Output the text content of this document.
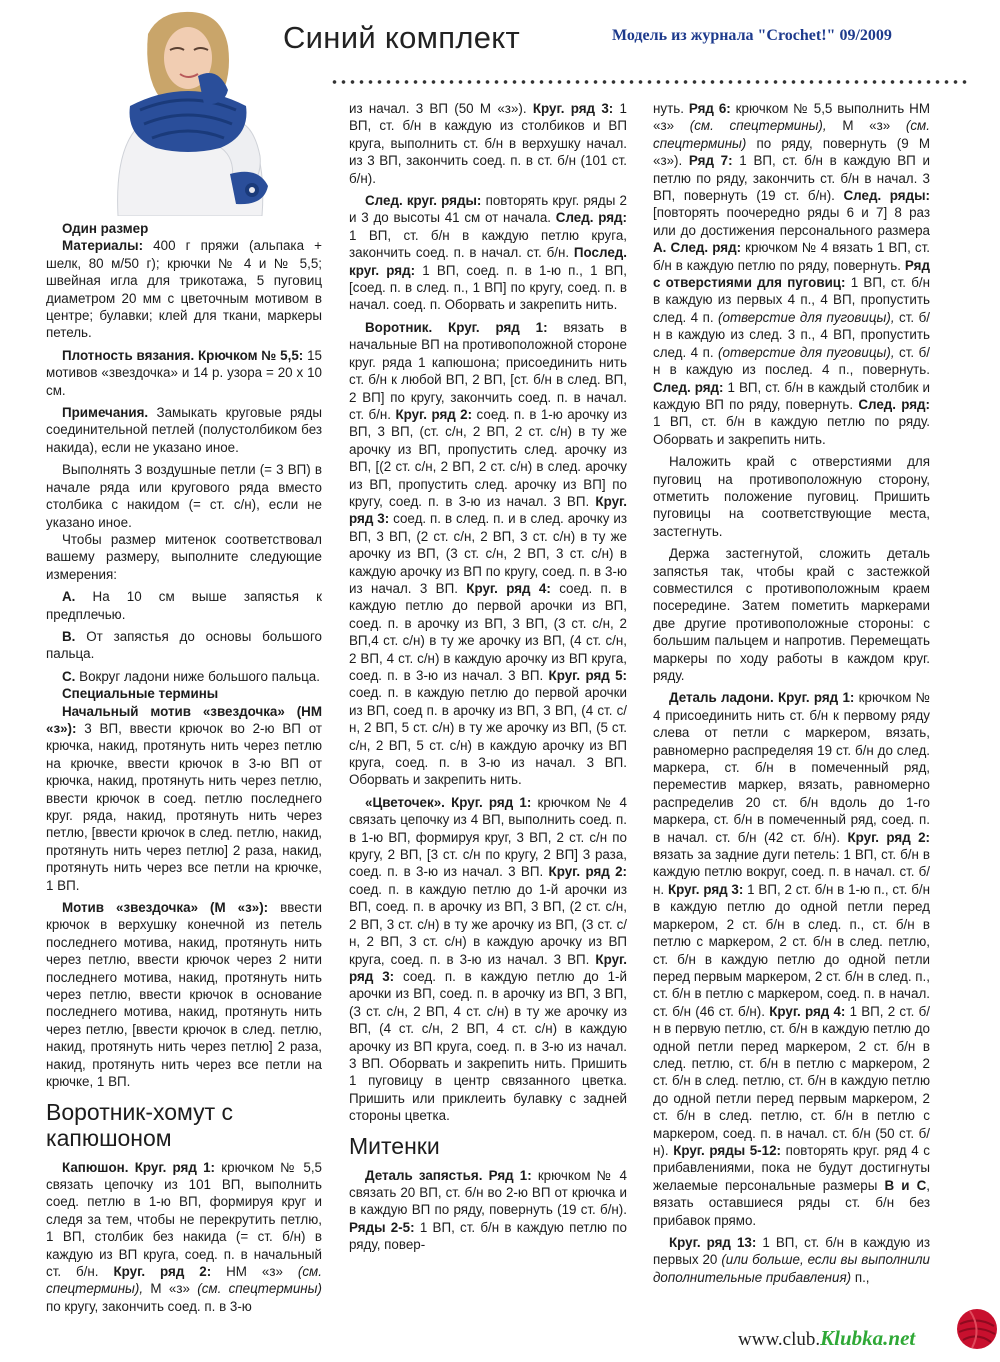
Синий комплект	Модель из журнала "Crochet!" 09/2009

Один размер

Материалы: 400 г пряжи (альпака + шелк, 80 м/50 г); крючки № 4 и № 5,5; швейная игла для трикотажа, 5 пуговиц диаметром 20 мм с цветочным мотивом в центре; булавки; клей для ткани, маркеры петель.

Плотность вязания. Крючком № 5,5: 15 мотивов «звездочка» и 14 р. узора = 20 х 10 см.

Примечания. Замыкать круговые ряды соединительной петлей (полустолбиком без накида), если не указано иное.

Выполнять 3 воздушные петли (= 3 ВП) в начале ряда или кругового ряда вместо столбика с накидом (= ст. с/н), если не указано иное.

Чтобы размер митенок соответствовал вашему размеру, выполните следующие измерения:

А. На 10 см выше запястья к предплечью.

В. От запястья до основы большого пальца.

С. Вокруг ладони ниже большого пальца.

Специальные термины

Начальный мотив «звездочка» (НМ «з»): 3 ВП, ввести крючок во 2-ю ВП от крючка, накид, протянуть нить через петлю на крючке, ввести крючок в 3-ю ВП от крючка, накид, протянуть нить через петлю, ввести крючок в соед. петлю последнего круг. ряда, накид, протянуть нить через петлю, [ввести крючок в след. петлю, накид, протянуть нить через петлю] 2 раза, накид, протянуть нить через все петли на крючке, 1 ВП.

Мотив «звездочка» (М «з»): ввести крючок в верхушку конечной из петель последнего мотива, накид, протянуть нить через петлю, ввести крючок через 2 нити последнего мотива, накид, протянуть нить через петлю, ввести крючок в основание последнего мотива, накид, протянуть нить через петлю, [ввести крючок в след. петлю, накид, протянуть нить через петлю] 2 раза, накид, протянуть нить через все петли на крючке, 1 ВП.

Воротник-хомут с капюшоном

Капюшон. Круг. ряд 1: крючком № 5,5 связать цепочку из 101 ВП, выполнить соед. петлю в 1-ю ВП, формируя круг и следя за тем, чтобы не перекрутить петлю, 1 ВП, столбик без накида (= ст. б/н) в каждую из ВП круга, соед. п. в начальный ст. б/н. Круг. ряд 2: НМ «з» (см. спецтермины), М «з» (см. спецтермины) по кругу, закончить соед. п. в 3-ю

из начал. 3 ВП (50 М «з»). Круг. ряд 3: 1 ВП, ст. б/н в каждую из столбиков и ВП круга, выполнить ст. б/н в верхушку начал. из 3 ВП, закончить соед. п. в ст. б/н (101 ст. б/н).

След. круг. ряды: повторять круг. ряды 2 и 3 до высоты 41 см от начала. След. ряд: 1 ВП, ст. б/н в каждую петлю круга, закончить соед. п. в начал. ст. б/н. Послед. круг. ряд: 1 ВП, соед. п. в 1-ю п., 1 ВП, [соед. п. в след. п., 1 ВП] по кругу, соед. п. в начал. соед. п. Оборвать и закрепить нить.

Воротник. Круг. ряд 1: вязать в начальные ВП на противоположной стороне круг. ряда 1 капюшона; присоединить нить ст. б/н к любой ВП, 2 ВП, [ст. б/н в след. ВП, 2 ВП] по кругу, закончить соед. п. в начал. ст. б/н. Круг. ряд 2: соед. п. в 1-ю арочку из ВП, 3 ВП, (ст. с/н, 2 ВП, 2 ст. с/н) в ту же арочку из ВП, пропустить след. арочку из ВП, [(2 ст. с/н, 2 ВП, 2 ст. с/н) в след. арочку из ВП, пропустить след. арочку из ВП] по кругу, соед. п. в 3-ю из начал. 3 ВП. Круг. ряд 3: соед. п. в след. п. и в след. арочку из ВП, 3 ВП, (2 ст. с/н, 2 ВП, 3 ст. с/н) в ту же арочку из ВП, (3 ст. с/н, 2 ВП, 3 ст. с/н) в каждую арочку из ВП по кругу, соед. п. в 3-ю из начал. 3 ВП. Круг. ряд 4: соед. п. в каждую петлю до первой арочки из ВП, соед. п. в арочку из ВП, 3 ВП, (3 ст. с/н, 2 ВП,4 ст. с/н) в ту же арочку из ВП, (4 ст. с/н, 2 ВП, 4 ст. с/н) в каждую арочку из ВП круга, соед. п. в 3-ю из начал. 3 ВП. Круг. ряд 5: соед. п. в каждую петлю до первой арочки из ВП, соед п. в арочку из ВП, 3 ВП, (4 ст. с/н, 2 ВП, 5 ст. с/н) в ту же арочку из ВП, (5 ст. с/н, 2 ВП, 5 ст. с/н) в каждую арочку из ВП круга, соед. п. в 3-ю из начал. 3 ВП. Оборвать и закрепить нить.

«Цветочек». Круг. ряд 1: крючком № 4 связать цепочку из 4 ВП, выполнить соед. п. в 1-ю ВП, формируя круг, 3 ВП, 2 ст. с/н по кругу, 2 ВП, [3 ст. с/н по кругу, 2 ВП] 3 раза, соед. п. в 3-ю из начал. 3 ВП. Круг. ряд 2: соед. п. в каждую петлю до 1-й арочки из ВП, соед. п. в арочку из ВП, 3 ВП, (2 ст. с/н, 2 ВП, 3 ст. с/н) в ту же арочку из ВП, (3 ст. с/н, 2 ВП, 3 ст. с/н) в каждую арочку из ВП круга, соед. п. в 3-ю из начал. 3 ВП. Круг. ряд 3: соед. п. в каждую петлю до 1-й арочки из ВП, соед. п. в арочку из ВП, 3 ВП, (3 ст. с/н, 2 ВП, 4 ст. с/н) в ту же арочку из ВП, (4 ст. с/н, 2 ВП, 4 ст. с/н) в каждую арочку из ВП круга, соед. п. в 3-ю из начал. 3 ВП. Оборвать и закрепить нить. Пришить 1 пуговицу в центр связанного цветка. Пришить или приклеить булавку с задней стороны цветка.

Митенки

Деталь запястья. Ряд 1: крючком № 4 связать 20 ВП, ст. б/н во 2-ю ВП от крючка и в каждую ВП по ряду, повернуть (19 ст. б/н). Ряды 2-5: 1 ВП, ст. б/н в каждую петлю по ряду, повер-

нуть. Ряд 6: крючком № 5,5 выполнить НМ «з» (см. спецтермины), М «з» (см. спецтермины) по ряду, повернуть (9 М «з»). Ряд 7: 1 ВП, ст. б/н в каждую ВП и петлю по ряду, закончить ст. б/н в начал. 3 ВП, повернуть (19 ст. б/н). След. ряды: [повторять поочередно ряды 6 и 7] 8 раз или до достижения персонального размера А. След. ряд: крючком № 4 вязать 1 ВП, ст. б/н в каждую петлю по ряду, повернуть. Ряд с отверстиями для пуговиц: 1 ВП, ст. б/н в каждую из первых 4 п., 4 ВП, пропустить след. 4 п. (отверстие для пуговицы), ст. б/н в каждую из след. 3 п., 4 ВП, пропустить след. 4 п. (отверстие для пуговицы), ст. б/н в каждую из послед. 4 п., повернуть. След. ряд: 1 ВП, ст. б/н в каждый столбик и каждую ВП по ряду, повернуть. След. ряд: 1 ВП, ст. б/н в каждую петлю по ряду. Оборвать и закрепить нить.

Наложить край с отверстиями для пуговиц на противоположную сторону, отметить положение пуговиц. Пришить пуговицы на соответствующие места, застегнуть.

Держа застегнутой, сложить деталь запястья так, чтобы край с застежкой совместился с противоположным краем посередине. Затем пометить маркерами две другие противоположные стороны: с большим пальцем и напротив. Перемещать маркеры по ходу работы в каждом круг. ряду.

Деталь ладони. Круг. ряд 1: крючком № 4 присоединить нить ст. б/н к первому ряду слева от петли с маркером, вязать, равномерно распределяя 19 ст. б/н до след. маркера, ст. б/н в помеченный ряд, переместив маркер, вязать, равномерно распределив 20 ст. б/н вдоль до 1-го маркера, ст. б/н в помеченный ряд, соед. п. в начал. ст. б/н (42 ст. б/н). Круг. ряд 2: вязать за задние дуги петель: 1 ВП, ст. б/н в каждую петлю вокруг, соед. п. в начал. ст. б/н. Круг. ряд 3: 1 ВП, 2 ст. б/н в 1-ю п., ст. б/н в каждую петлю до одной петли перед маркером, 2 ст. б/н в след. п., ст. б/н в петлю с маркером, 2 ст. б/н в след. петлю, ст. б/н в каждую петлю до одной петли перед первым маркером, 2 ст. б/н в след. п., ст. б/н в петлю с маркером, соед. п. в начал. ст. б/н (46 ст. б/н). Круг. ряд 4: 1 ВП, 2 ст. б/н в первую петлю, ст. б/н в каждую петлю до одной петли перед маркером, 2 ст. б/н в след. петлю, ст. б/н в петлю с маркером, 2 ст. б/н в след. петлю, ст. б/н в каждую петлю до одной петли перед первым маркером, 2 ст. б/н в след. петлю, ст. б/н в петлю с маркером, соед. п. в начал. ст. б/н (50 ст. б/н). Круг. ряды 5-12: повторять круг. ряд 4 с прибавлениями, пока не будут достигнуты желаемые персональные размеры В и С, вязать оставшиеся ряды ст. б/н без прибавок прямо.

Круг. ряд 13: 1 ВП, ст. б/н в каждую из первых 20 (или больше, если вы выполнили дополнительные прибавления) п.,

www.club.Klubka.net
